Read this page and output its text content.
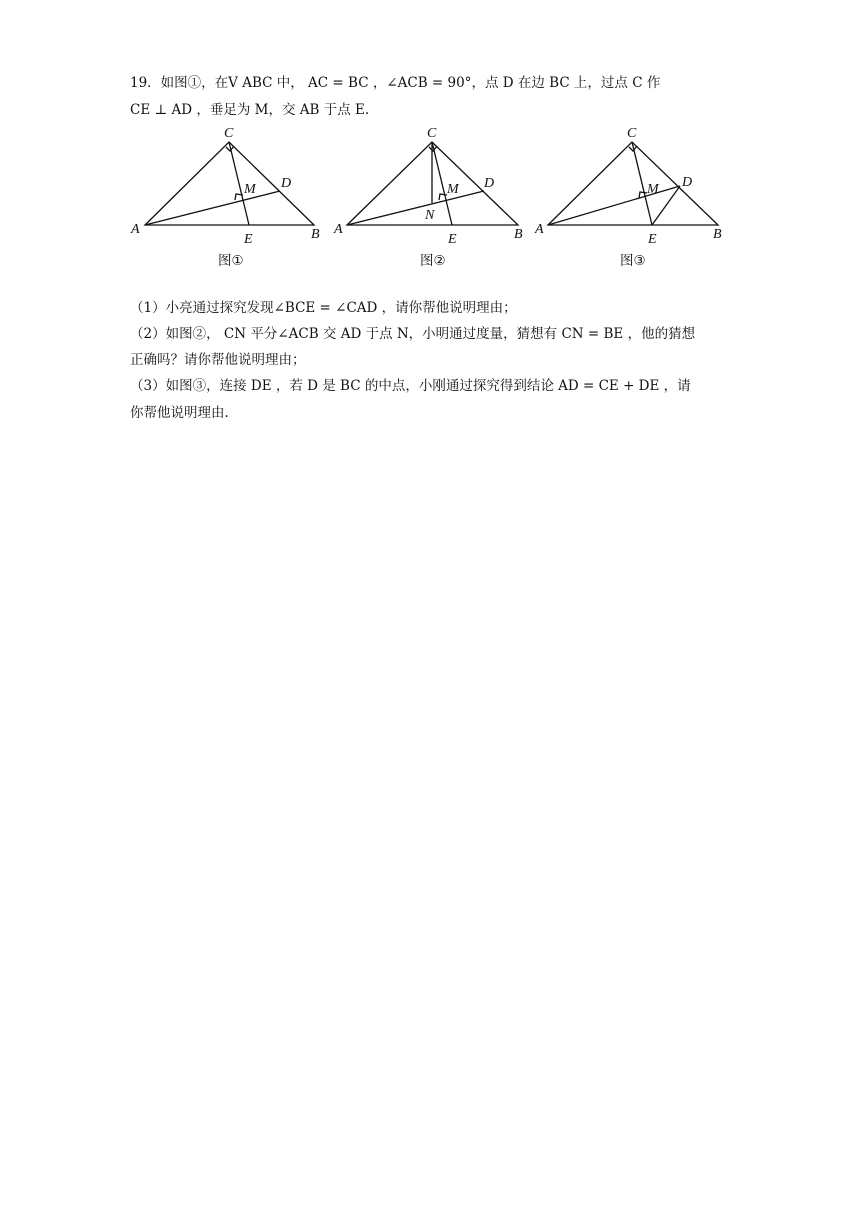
19．如图①，在V ABC 中， AC = BC ，∠ACB = 90°，点 D 在边 BC 上，过点 C 作
CE ⊥ AD ，垂足为 M，交 AB 于点 E.
C
D
M
A
E	B
图①
C
D
M
N
A
E	B
图②
C
D
M
A
E	B
图③
（1）小亮通过探究发现∠BCE = ∠CAD ，请你帮他说明理由；
（2）如图②， CN 平分∠ACB 交 AD 于点 N，小明通过度量，猜想有 CN = BE ，他的猜想
正确吗？请你帮他说明理由；
（3）如图③，连接 DE ，若 D 是 BC 的中点，小刚通过探究得到结论 AD = CE + DE ，请
你帮他说明理由.
